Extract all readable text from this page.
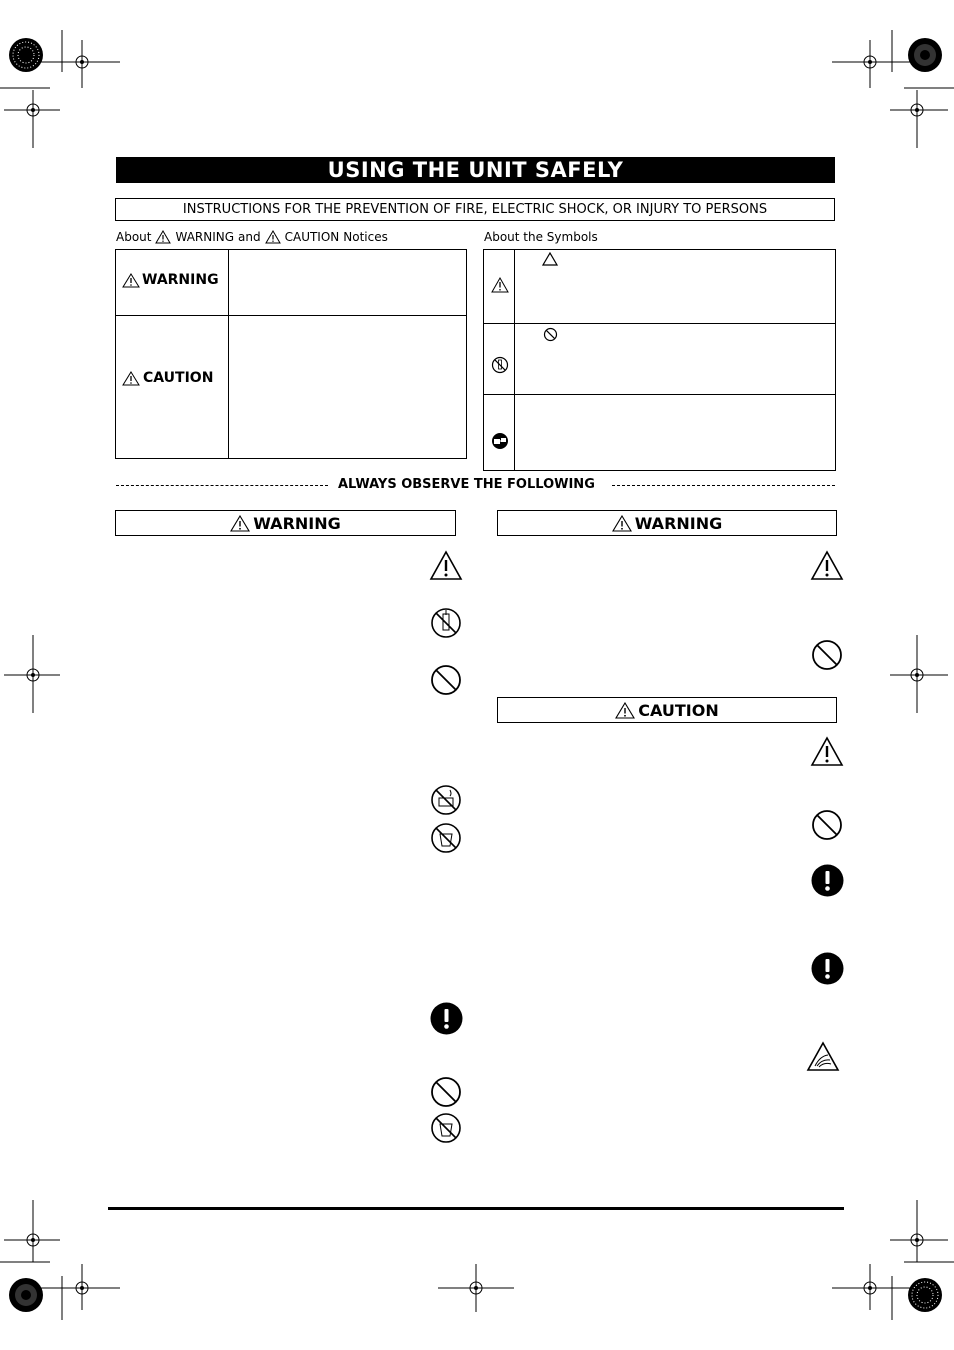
USING THE UNIT SAFELY
INSTRUCTIONS FOR THE PREVENTION OF FIRE, ELECTRIC SHOCK, OR INJURY TO PERSONS
About WARNING and CAUTION Notices
WARNING
CAUTION
About the Symbols
ALWAYS OBSERVE THE FOLLOWING
WARNING	WARNING
CAUTION
